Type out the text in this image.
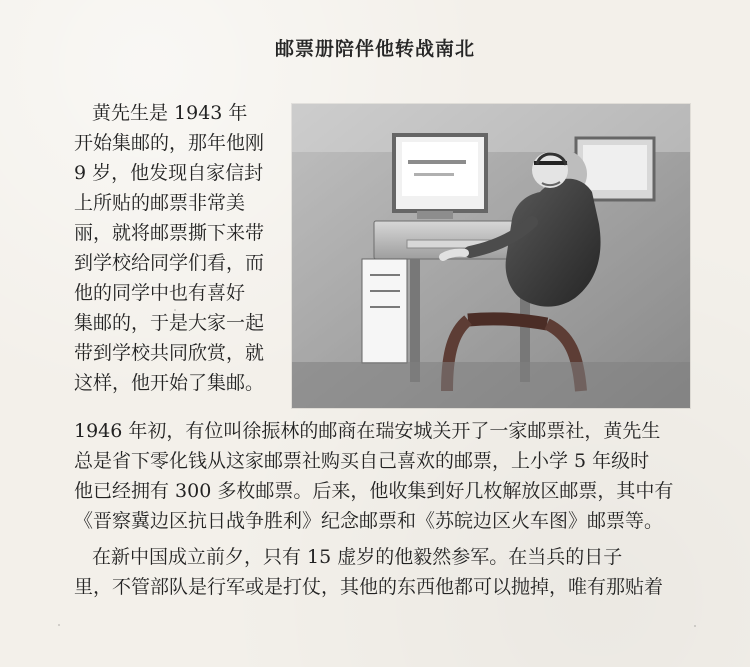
邮票册陪伴他转战南北
黄先生是 1943 年
开始集邮的，那年他刚
9 岁，他发现自家信封
上所贴的邮票非常美
丽，就将邮票撕下来带
到学校给同学们看，而
他的同学中也有喜好
集邮的，于是大家一起
带到学校共同欣赏，就
这样，他开始了集邮。
1946 年初，有位叫徐振林的邮商在瑞安城关开了一家邮票社，黄先生
总是省下零化钱从这家邮票社购买自己喜欢的邮票，上小学 5 年级时
他已经拥有 300 多枚邮票。后来，他收集到好几枚解放区邮票，其中有
《晋察冀边区抗日战争胜利》纪念邮票和《苏皖边区火车图》邮票等。
在新中国成立前夕，只有 15 虚岁的他毅然参军。在当兵的日子
里，不管部队是行军或是打仗，其他的东西他都可以抛掉，唯有那贴着
